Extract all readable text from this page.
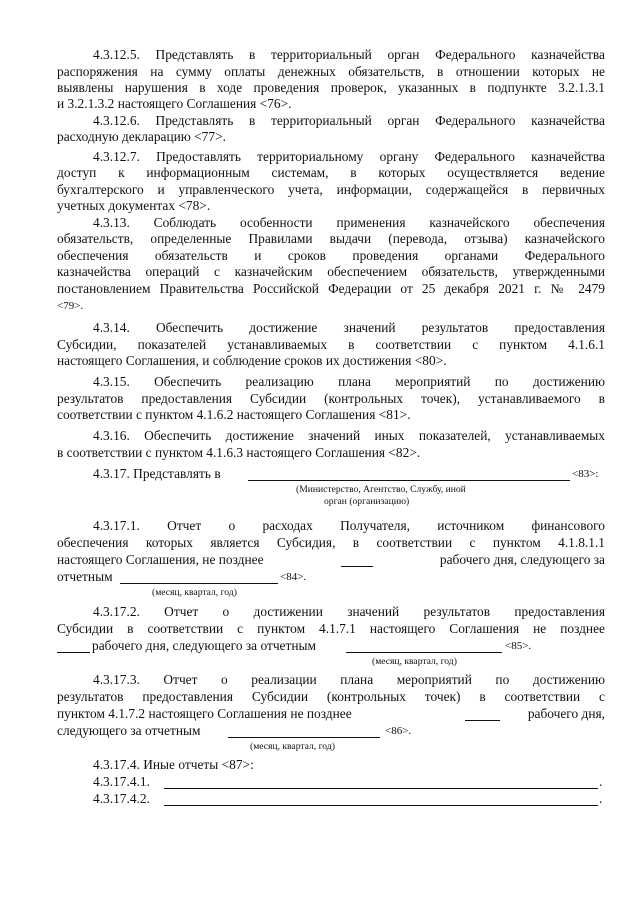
4.3.12.5. Представлять в территориальный орган Федерального казначейства
распоряжения на сумму оплаты денежных обязательств, в отношении которых не
выявлены нарушения в ходе проведения проверок, указанных в подпункте 3.2.1.3.1
и 3.2.1.3.2 настоящего Соглашения <76>.
4.3.12.6. Представлять в территориальный орган Федерального казначейства
расходную декларацию <77>.
4.3.12.7. Предоставлять территориальному органу Федерального казначейства
доступ к информационным системам, в которых осуществляется ведение
бухгалтерского и управленческого учета, информации, содержащейся в первичных
учетных документах <78>.
4.3.13. Соблюдать особенности применения казначейского обеспечения
обязательств, определенные Правилами выдачи (перевода, отзыва) казначейского
обеспечения обязательств и сроков проведения органами Федерального
казначейства операций с казначейским обеспечением обязательств, утвержденными
постановлением Правительства Российской Федерации от 25 декабря 2021 г. № 2479
<79>.
4.3.14. Обеспечить достижение значений результатов предоставления
Субсидии, показателей устанавливаемых в соответствии с пунктом 4.1.6.1
настоящего Соглашения, и соблюдение сроков их достижения <80>.
4.3.15. Обеспечить реализацию плана мероприятий по достижению
результатов предоставления Субсидии (контрольных точек), устанавливаемого в
соответствии с пунктом 4.1.6.2 настоящего Соглашения <81>.
4.3.16. Обеспечить достижение значений иных показателей, устанавливаемых
в соответствии с пунктом 4.1.6.3 настоящего Соглашения <82>.
4.3.17. Представлять в	<83>:
(Министерство, Агентство, Службу, иной
орган (организацию)
4.3.17.1. Отчет о расходах Получателя, источником финансового
обеспечения которых является Субсидия, в соответствии с пунктом 4.1.8.1.1
настоящего Соглашения, не позднее	рабочего дня, следующего за
отчетным	<84>.
(месяц, квартал, год)
4.3.17.2. Отчет о достижении значений результатов предоставления
Субсидии в соответствии с пунктом 4.1.7.1 настоящего Соглашения не позднее
рабочего дня, следующего за отчетным	<85>.
(месяц, квартал, год)
4.3.17.3. Отчет о реализации плана мероприятий по достижению
результатов предоставления Субсидии (контрольных точек) в соответствии с
пунктом 4.1.7.2 настоящего Соглашения не позднее	рабочего дня,
следующего за отчетным	<86>.
(месяц, квартал, год)
4.3.17.4. Иные отчеты <87>:
4.3.17.4.1.	.
4.3.17.4.2.	.
